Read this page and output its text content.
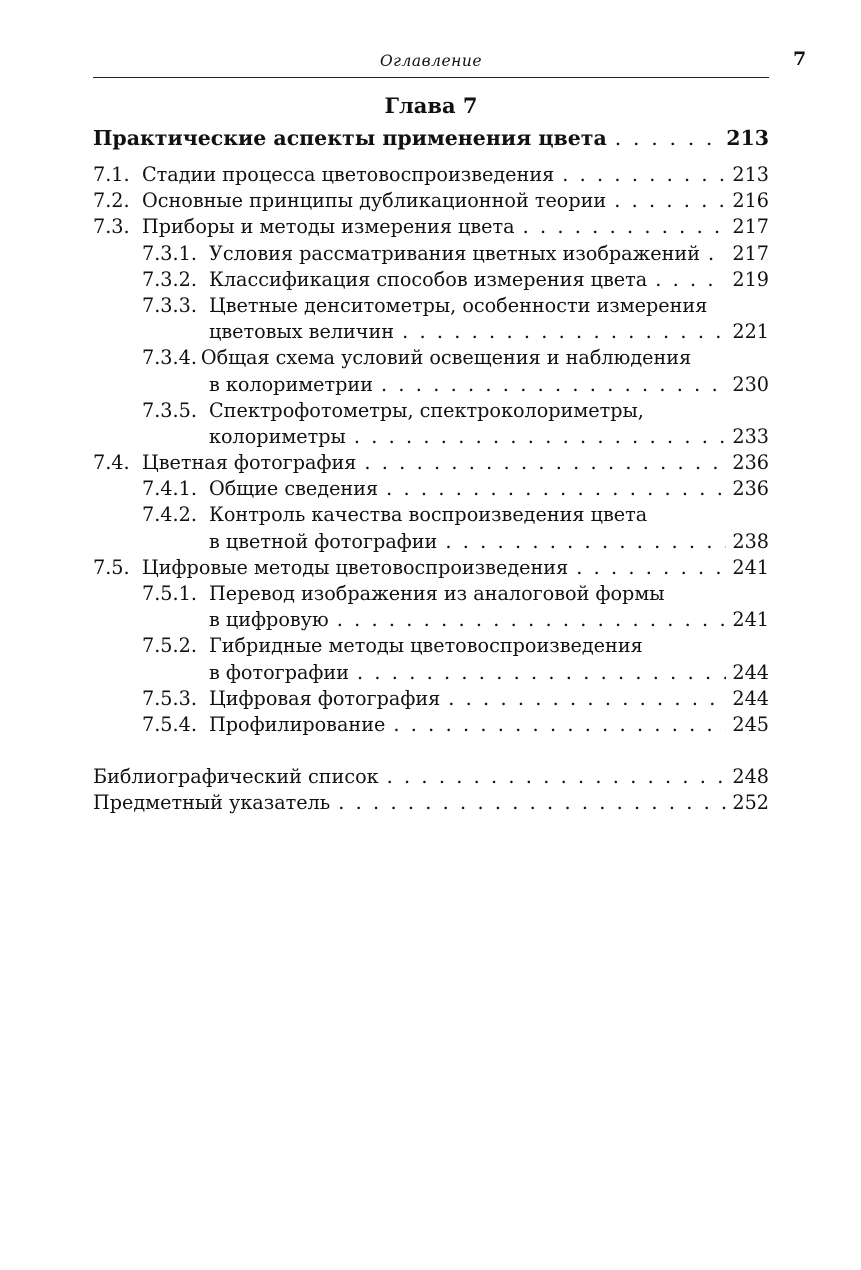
Оглавление	7
Глава 7
Практические аспекты применения цвета . . .	213
7.1. Стадии процесса цветовоспроизведения . . .	213
7.2. Основные принципы дубликационной теории . . .	216
7.3. Приборы и методы измерения цвета . . .	217
7.3.1. Условия рассматривания цветных изображений . . . 217
7.3.2. Классификация способов измерения цвета . . .	219
7.3.3. Цветные денситометры, особенности измерения
цветовых величин . . .	221
7.3.4. Общая схема условий освещения и наблюдения
в колориметрии . . .	230
7.3.5. Спектрофотометры, спектроколориметры,
колориметры . . .	233
7.4. Цветная фотография . . .	236
7.4.1. Общие сведения . . .	236
7.4.2. Контроль качества воспроизведения цвета
в цветной фотографии . . .	238
7.5. Цифровые методы цветовоспроизведения . . .	241
7.5.1. Перевод изображения из аналоговой формы
в цифровую . . .	241
7.5.2. Гибридные методы цветовоспроизведения
в фотографии . . .	244
7.5.3. Цифровая фотография . . .	244
7.5.4. Профилирование . . .	245
Библиографический список . . .	248
Предметный указатель . . .	252
